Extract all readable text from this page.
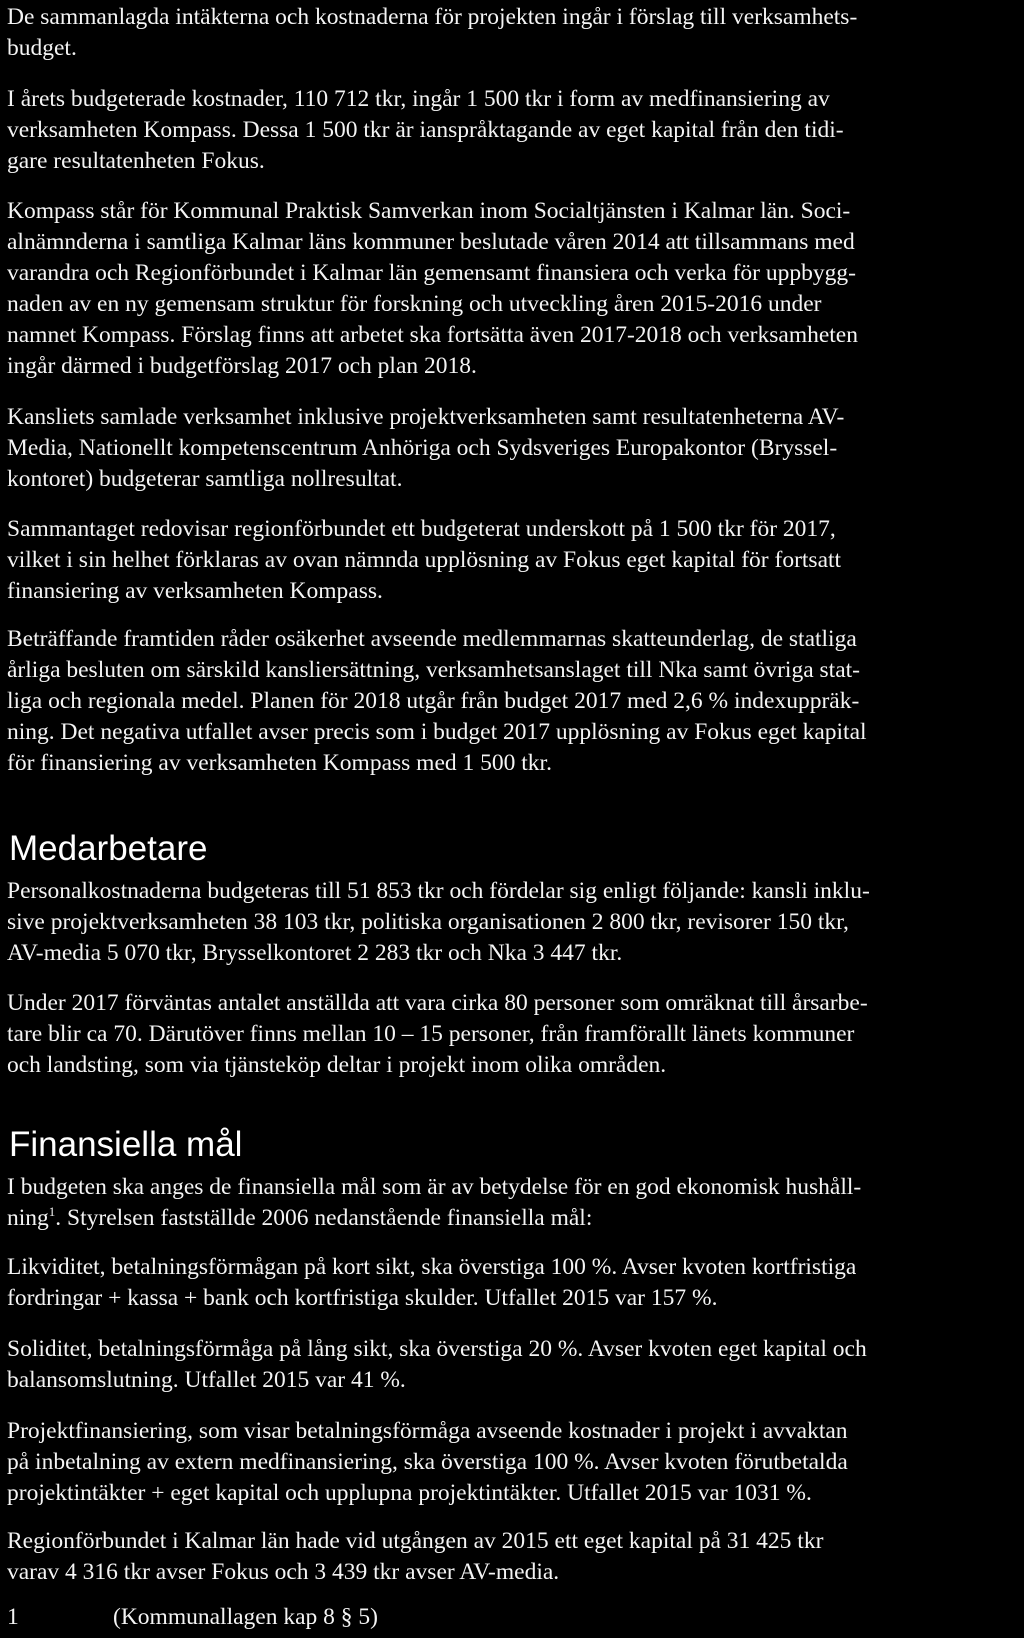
De sammanlagda intäkterna och kostnaderna för projekten ingår i förslag till verksamhets-
budget.

I årets budgeterade kostnader, 110 712 tkr, ingår 1 500 tkr i form av medfinansiering av
verksamheten Kompass. Dessa 1 500 tkr är ianspråktagande av eget kapital från den tidi-
gare resultatenheten Fokus.

Kompass står för Kommunal Praktisk Samverkan inom Socialtjänsten i Kalmar län. Soci-
alnämnderna i samtliga Kalmar läns kommuner beslutade våren 2014 att tillsammans med
varandra och Regionförbundet i Kalmar län gemensamt finansiera och verka för uppbygg-
naden av en ny gemensam struktur för forskning och utveckling åren 2015-2016 under
namnet Kompass. Förslag finns att arbetet ska fortsätta även 2017-2018 och verksamheten
ingår därmed i budgetförslag 2017 och plan 2018.

Kansliets samlade verksamhet inklusive projektverksamheten samt resultatenheterna AV-
Media, Nationellt kompetenscentrum Anhöriga och Sydsveriges Europakontor (Bryssel-
kontoret) budgeterar samtliga nollresultat.

Sammantaget redovisar regionförbundet ett budgeterat underskott på 1 500 tkr för 2017,
vilket i sin helhet förklaras av ovan nämnda upplösning av Fokus eget kapital för fortsatt
finansiering av verksamheten Kompass.

Beträffande framtiden råder osäkerhet avseende medlemmarnas skatteunderlag, de statliga
årliga besluten om särskild kansliersättning, verksamhetsanslaget till Nka samt övriga stat-
liga och regionala medel. Planen för 2018 utgår från budget 2017 med 2,6 % indexuppräk-
ning. Det negativa utfallet avser precis som i budget 2017 upplösning av Fokus eget kapital
för finansiering av verksamheten Kompass med 1 500 tkr.

Medarbetare

Personalkostnaderna budgeteras till 51 853 tkr och fördelar sig enligt följande: kansli inklu-
sive projektverksamheten 38 103 tkr, politiska organisationen 2 800 tkr, revisorer 150 tkr,
AV-media 5 070 tkr, Brysselkontoret 2 283 tkr och Nka 3 447 tkr.

Under 2017 förväntas antalet anställda att vara cirka 80 personer som omräknat till årsarbe-
tare blir ca 70. Därutöver finns mellan 10 – 15 personer, från framförallt länets kommuner
och landsting, som via tjänsteköp deltar i projekt inom olika områden.

Finansiella mål

I budgeten ska anges de finansiella mål som är av betydelse för en god ekonomisk hushåll-
ning$^1$. Styrelsen fastställde 2006 nedanstående finansiella mål:

Likviditet, betalningsförmågan på kort sikt, ska överstiga 100 %. Avser kvoten kortfristiga
fordringar + kassa + bank och kortfristiga skulder. Utfallet 2015 var 157 %.

Soliditet, betalningsförmåga på lång sikt, ska överstiga 20 %. Avser kvoten eget kapital och
balansomslutning. Utfallet 2015 var 41 %.

Projektfinansiering, som visar betalningsförmåga avseende kostnader i projekt i avvaktan
på inbetalning av extern medfinansiering, ska överstiga 100 %. Avser kvoten förutbetalda
projektintäkter + eget kapital och upplupna projektintäkter. Utfallet 2015 var 1031 %.

Regionförbundet i Kalmar län hade vid utgången av 2015 ett eget kapital på 31 425 tkr
varav 4 316 tkr avser Fokus och 3 439 tkr avser AV-media.

1	(Kommunallagen kap 8 § 5)
